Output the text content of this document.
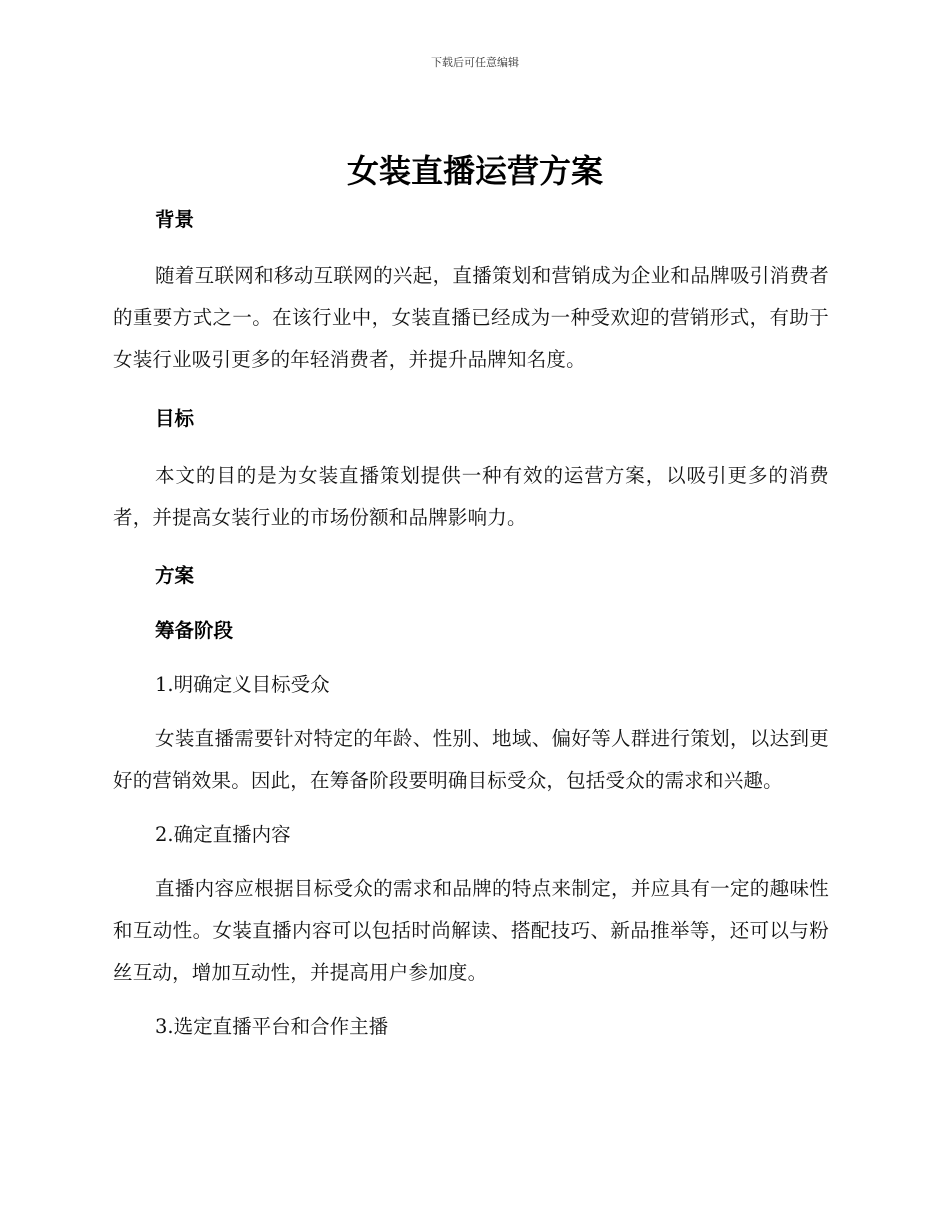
下载后可任意编辑
女装直播运营方案

背景

随着互联网和移动互联网的兴起，直播策划和营销成为企业和品牌吸引消费者的重要方式之一。在该行业中，女装直播已经成为一种受欢迎的营销形式，有助于女装行业吸引更多的年轻消费者，并提升品牌知名度。

目标

本文的目的是为女装直播策划提供一种有效的运营方案，以吸引更多的消费者，并提高女装行业的市场份额和品牌影响力。

方案

筹备阶段

1.明确定义目标受众

女装直播需要针对特定的年龄、性别、地域、偏好等人群进行策划，以达到更好的营销效果。因此，在筹备阶段要明确目标受众，包括受众的需求和兴趣。

2.确定直播内容

直播内容应根据目标受众的需求和品牌的特点来制定，并应具有一定的趣味性和互动性。女装直播内容可以包括时尚解读、搭配技巧、新品推举等，还可以与粉丝互动，增加互动性，并提高用户参加度。

3.选定直播平台和合作主播
